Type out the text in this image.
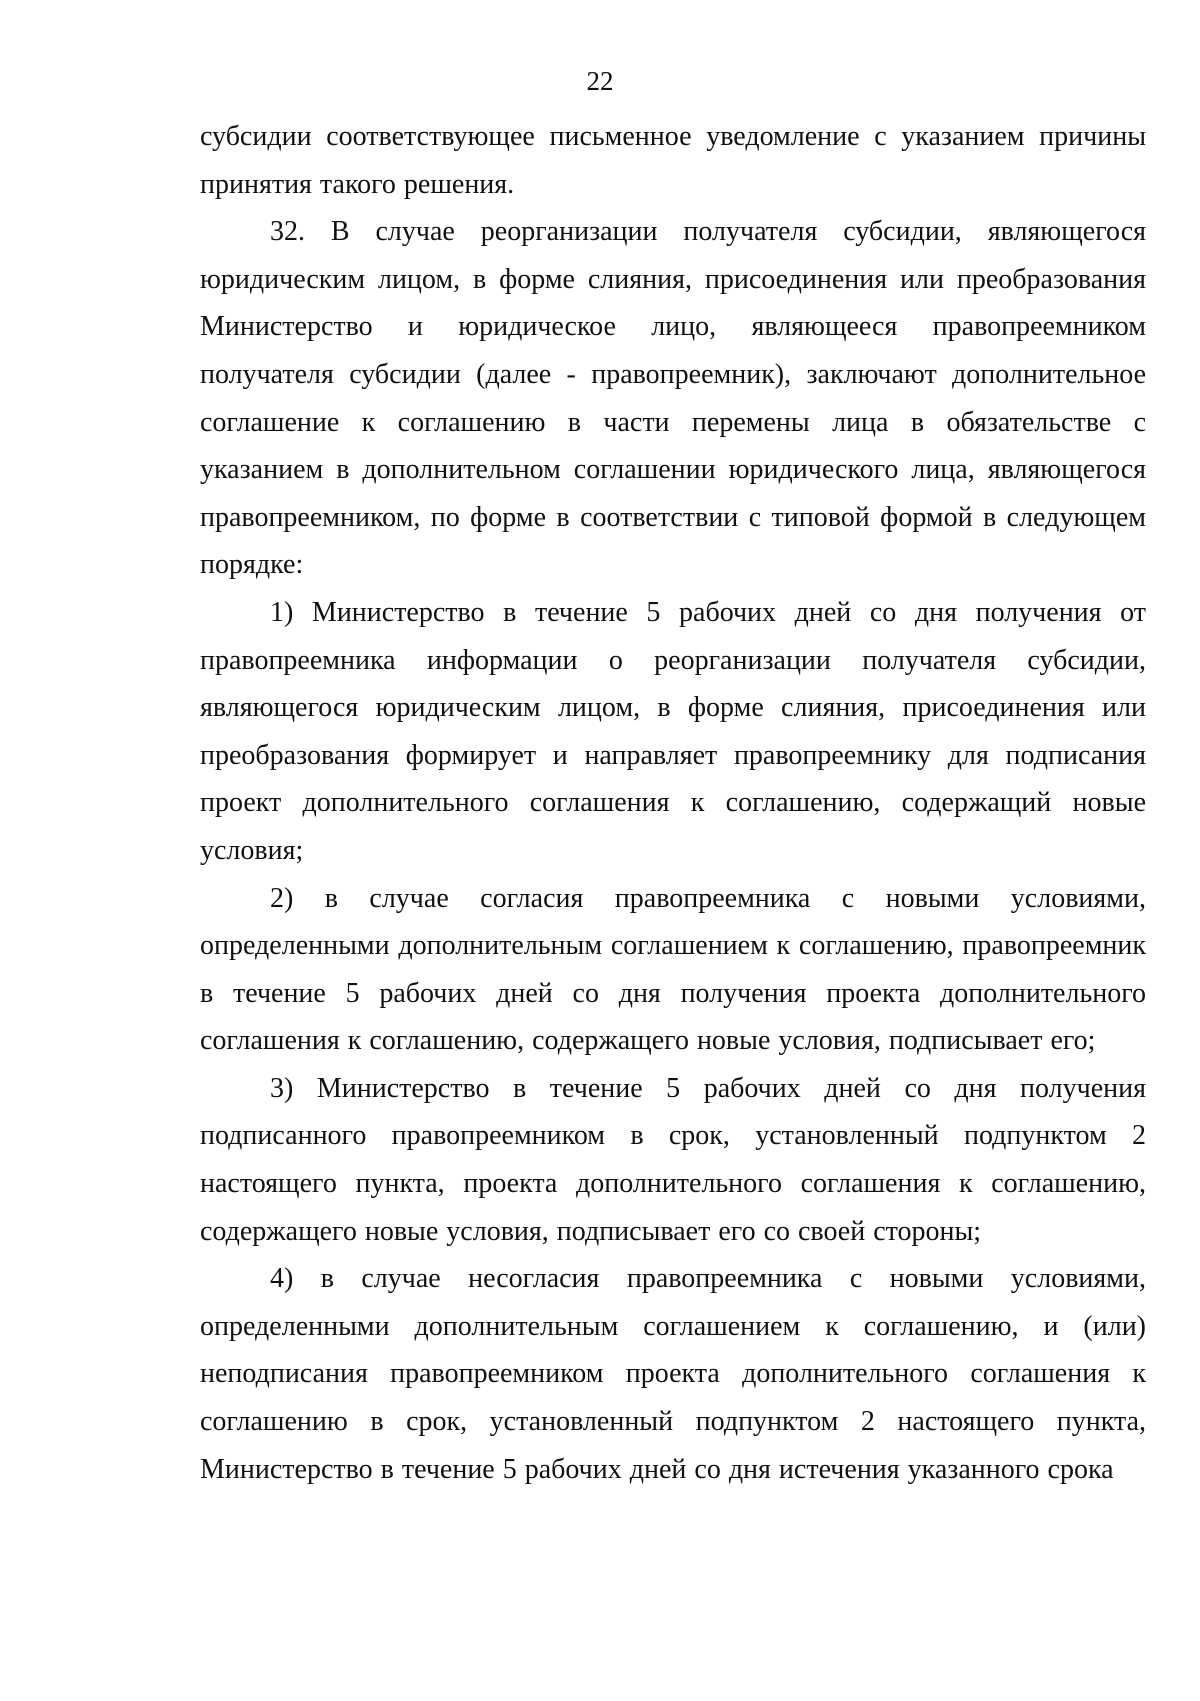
22

субсидии соответствующее письменное уведомление с указанием причины принятия такого решения.

32. В случае реорганизации получателя субсидии, являющегося юридическим лицом, в форме слияния, присоединения или преобразования Министерство и юридическое лицо, являющееся правопреемником получателя субсидии (далее - правопреемник), заключают дополнительное соглашение к соглашению в части перемены лица в обязательстве с указанием в дополнительном соглашении юридического лица, являющегося правопреемником, по форме в соответствии с типовой формой в следующем порядке:

1) Министерство в течение 5 рабочих дней со дня получения от правопреемника информации о реорганизации получателя субсидии, являющегося юридическим лицом, в форме слияния, присоединения или преобразования формирует и направляет правопреемнику для подписания проект дополнительного соглашения к соглашению, содержащий новые условия;

2) в случае согласия правопреемника с новыми условиями, определенными дополнительным соглашением к соглашению, правопреемник в течение 5 рабочих дней со дня получения проекта дополнительного соглашения к соглашению, содержащего новые условия, подписывает его;

3) Министерство в течение 5 рабочих дней со дня получения подписанного правопреемником в срок, установленный подпунктом 2 настоящего пункта, проекта дополнительного соглашения к соглашению, содержащего новые условия, подписывает его со своей стороны;

4) в случае несогласия правопреемника с новыми условиями, определенными дополнительным соглашением к соглашению, и (или) неподписания правопреемником проекта дополнительного соглашения к соглашению в срок, установленный подпунктом 2 настоящего пункта, Министерство в течение 5 рабочих дней со дня истечения указанного срока
